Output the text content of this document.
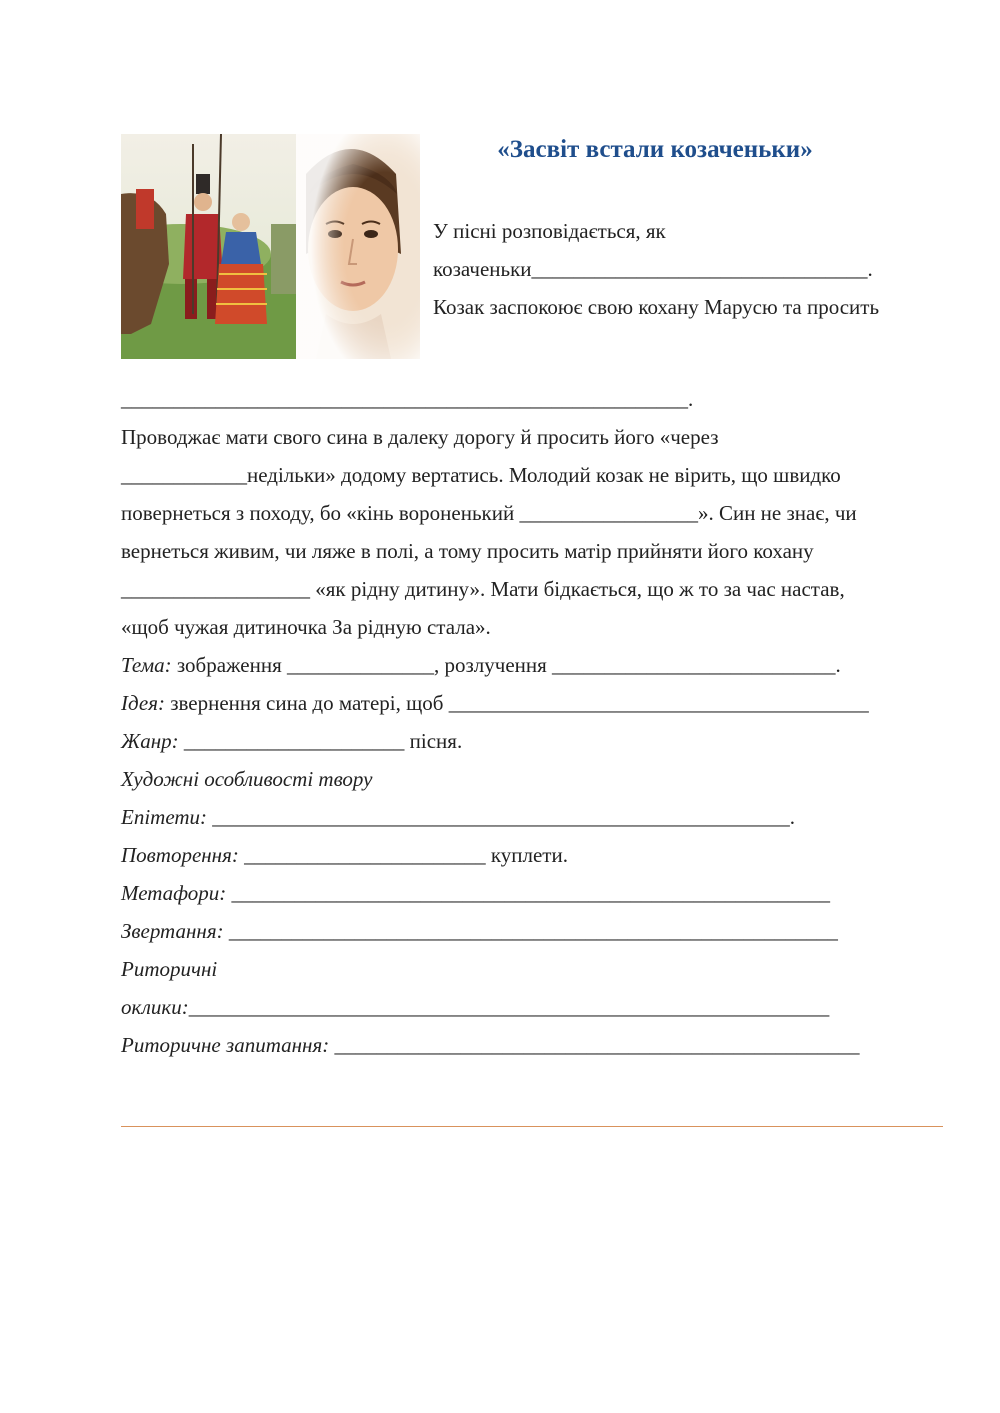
«Засвіт встали козаченьки»
У пісні розповідається, як
козаченьки________________________________.
Козак заспокоює свою кохану Марусю та просить
______________________________________________________.
Проводжає мати свого сина в далеку дорогу й просить його «через
____________недільки» додому вертатись. Молодий козак не вірить, що швидко
повернеться з походу, бо «кінь вороненький _________________». Син не знає, чи
вернеться живим, чи ляже в полі, а тому просить матір прийняти його кохану
__________________ «як рідну дитину». Мати бідкається, що ж то за час настав,
«щоб чужая дитиночка За рідную стала».
Тема: зображення ______________, розлучення ___________________________.
Ідея: звернення сина до матері, щоб ________________________________________
Жанр: _____________________ пісня.
Художні особливості твору
Епітети: _______________________________________________________.
Повторення: _______________________ куплети.
Метафори: _________________________________________________________
Звертання: __________________________________________________________
Риторичні
оклики:_____________________________________________________________
Риторичне запитання: __________________________________________________
